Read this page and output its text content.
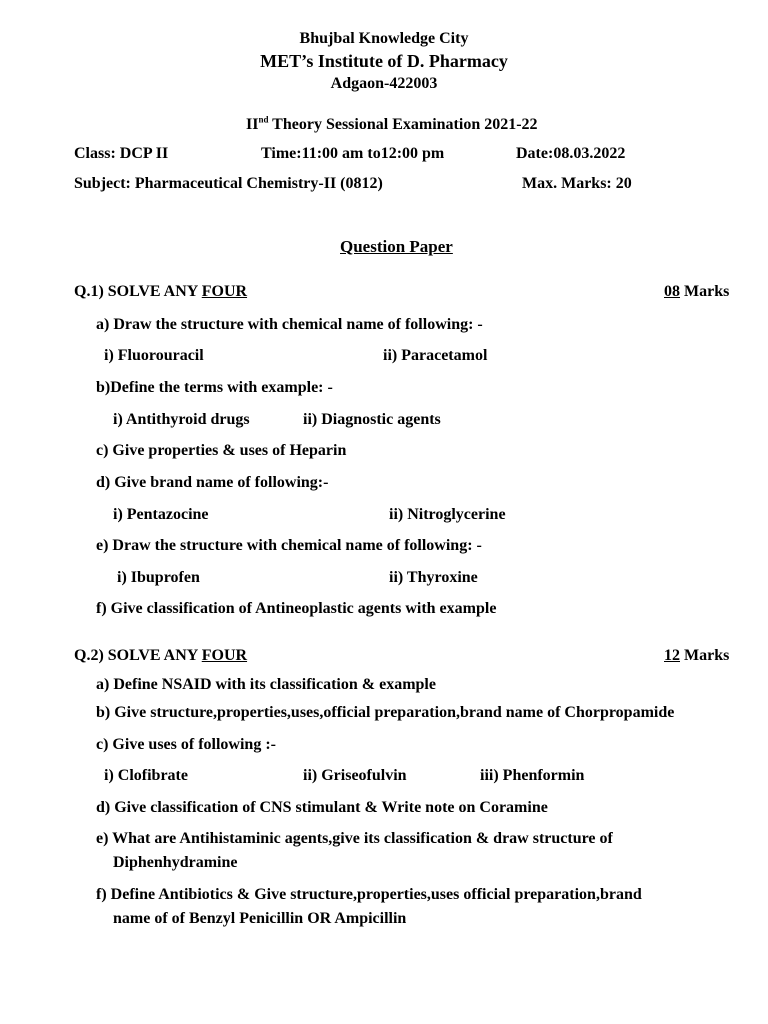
Bhujbal Knowledge City
MET’s Institute of D. Pharmacy
Adgaon-422003
IInd Theory Sessional Examination 2021-22
Class: DCP II	Time:11:00 am to12:00 pm	Date:08.03.2022
Subject: Pharmaceutical Chemistry-II (0812)	Max. Marks: 20
Question Paper
Q.1) SOLVE ANY FOUR	08 Marks
a) Draw the structure with chemical name of following: -
i) Fluorouracil	ii) Paracetamol
b)Define the terms with example: -
i) Antithyroid drugs	ii) Diagnostic agents
c) Give properties & uses of Heparin
d) Give brand name of following:-
i) Pentazocine	ii) Nitroglycerine
e) Draw the structure with chemical name of following: -
i) Ibuprofen	ii) Thyroxine
f) Give classification of Antineoplastic agents with example
Q.2) SOLVE ANY FOUR	12 Marks
a) Define NSAID with its classification & example
b) Give structure,properties,uses,official preparation,brand name of Chorpropamide
c) Give uses of following :-
i) Clofibrate	ii) Griseofulvin	iii) Phenformin
d) Give classification of CNS stimulant & Write note on Coramine
e) What are Antihistaminic agents,give its classification & draw structure of
Diphenhydramine
f) Define Antibiotics & Give structure,properties,uses official preparation,brand
name of of Benzyl Penicillin OR Ampicillin
